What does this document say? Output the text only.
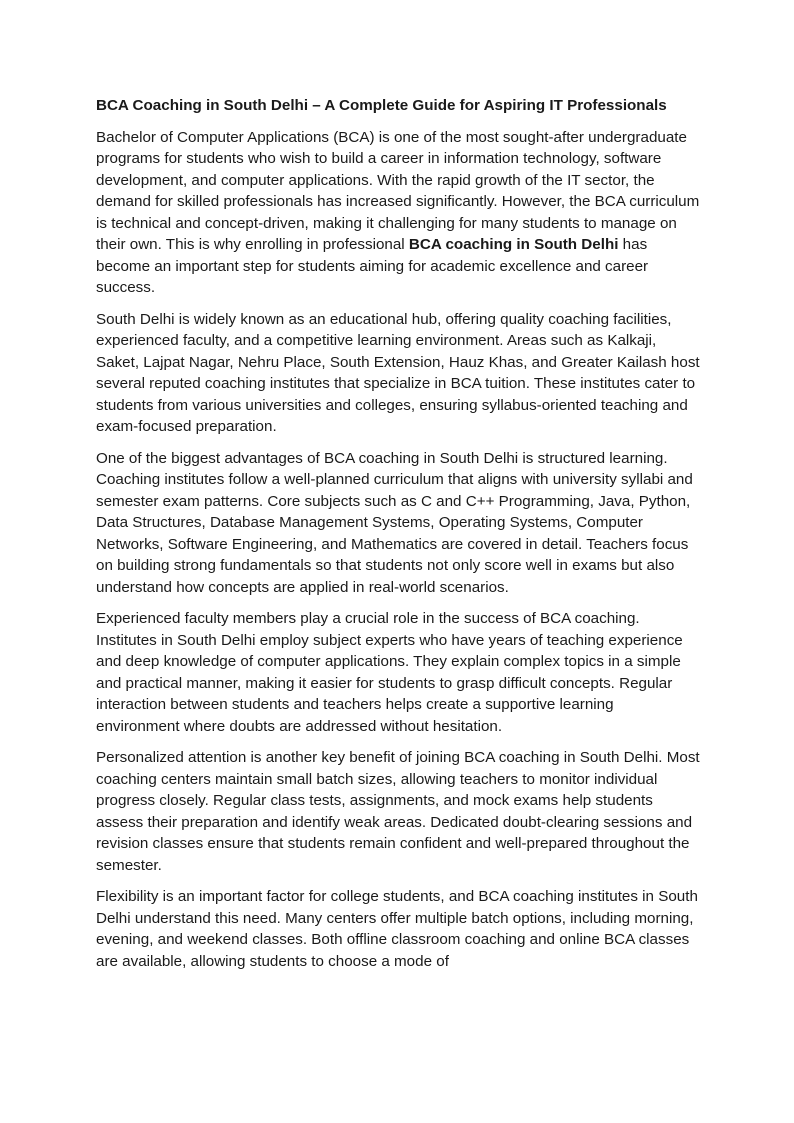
BCA Coaching in South Delhi – A Complete Guide for Aspiring IT Professionals

Bachelor of Computer Applications (BCA) is one of the most sought-after undergraduate programs for students who wish to build a career in information technology, software development, and computer applications. With the rapid growth of the IT sector, the demand for skilled professionals has increased significantly. However, the BCA curriculum is technical and concept-driven, making it challenging for many students to manage on their own. This is why enrolling in professional BCA coaching in South Delhi has become an important step for students aiming for academic excellence and career success.

South Delhi is widely known as an educational hub, offering quality coaching facilities, experienced faculty, and a competitive learning environment. Areas such as Kalkaji, Saket, Lajpat Nagar, Nehru Place, South Extension, Hauz Khas, and Greater Kailash host several reputed coaching institutes that specialize in BCA tuition. These institutes cater to students from various universities and colleges, ensuring syllabus-oriented teaching and exam-focused preparation.

One of the biggest advantages of BCA coaching in South Delhi is structured learning. Coaching institutes follow a well-planned curriculum that aligns with university syllabi and semester exam patterns. Core subjects such as C and C++ Programming, Java, Python, Data Structures, Database Management Systems, Operating Systems, Computer Networks, Software Engineering, and Mathematics are covered in detail. Teachers focus on building strong fundamentals so that students not only score well in exams but also understand how concepts are applied in real-world scenarios.

Experienced faculty members play a crucial role in the success of BCA coaching. Institutes in South Delhi employ subject experts who have years of teaching experience and deep knowledge of computer applications. They explain complex topics in a simple and practical manner, making it easier for students to grasp difficult concepts. Regular interaction between students and teachers helps create a supportive learning environment where doubts are addressed without hesitation.

Personalized attention is another key benefit of joining BCA coaching in South Delhi. Most coaching centers maintain small batch sizes, allowing teachers to monitor individual progress closely. Regular class tests, assignments, and mock exams help students assess their preparation and identify weak areas. Dedicated doubt-clearing sessions and revision classes ensure that students remain confident and well-prepared throughout the semester.

Flexibility is an important factor for college students, and BCA coaching institutes in South Delhi understand this need. Many centers offer multiple batch options, including morning, evening, and weekend classes. Both offline classroom coaching and online BCA classes are available, allowing students to choose a mode of
